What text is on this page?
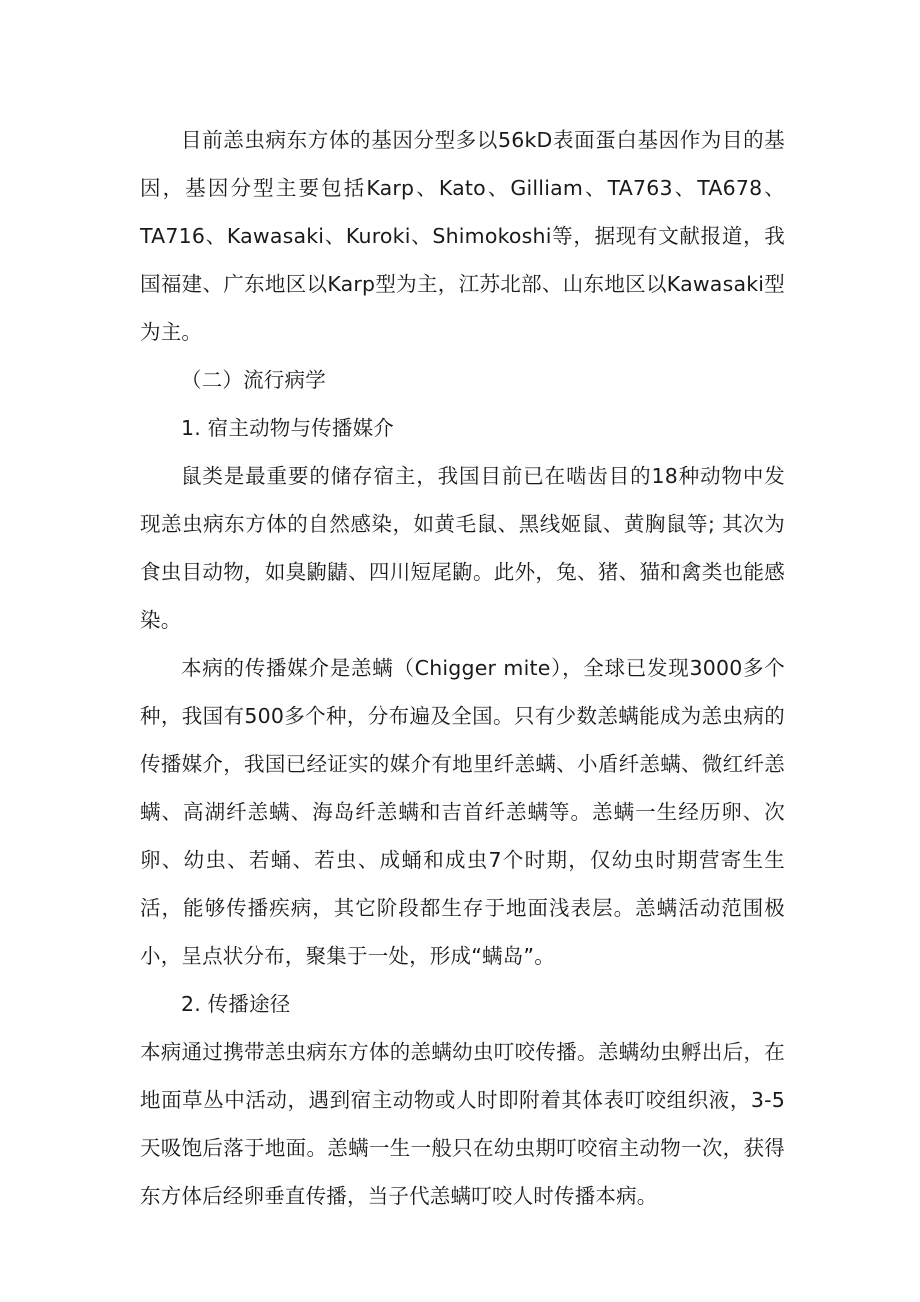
目前恙虫病东方体的基因分型多以56kD表面蛋白基因作为目的基因，基因分型主要包括Karp、Kato、Gilliam、TA763、TA678、TA716、Kawasaki、Kuroki、Shimokoshi等，据现有文献报道，我国福建、广东地区以Karp型为主，江苏北部、山东地区以Kawasaki型为主。

（二）流行病学

1. 宿主动物与传播媒介

鼠类是最重要的储存宿主，我国目前已在啮齿目的18种动物中发现恙虫病东方体的自然感染，如黄毛鼠、黑线姬鼠、黄胸鼠等; 其次为食虫目动物，如臭鼩鼱、四川短尾鼩。此外，兔、猪、猫和禽类也能感染。

本病的传播媒介是恙螨（Chigger mite），全球已发现3000多个种，我国有500多个种，分布遍及全国。只有少数恙螨能成为恙虫病的传播媒介，我国已经证实的媒介有地里纤恙螨、小盾纤恙螨、微红纤恙螨、高湖纤恙螨、海岛纤恙螨和吉首纤恙螨等。恙螨一生经历卵、次卵、幼虫、若蛹、若虫、成蛹和成虫7个时期，仅幼虫时期营寄生生活，能够传播疾病，其它阶段都生存于地面浅表层。恙螨活动范围极小，呈点状分布，聚集于一处，形成“螨岛”。

2. 传播途径

本病通过携带恙虫病东方体的恙螨幼虫叮咬传播。恙螨幼虫孵出后，在地面草丛中活动，遇到宿主动物或人时即附着其体表叮咬组织液，3-5天吸饱后落于地面。恙螨一生一般只在幼虫期叮咬宿主动物一次，获得东方体后经卵垂直传播，当子代恙螨叮咬人时传播本病。
